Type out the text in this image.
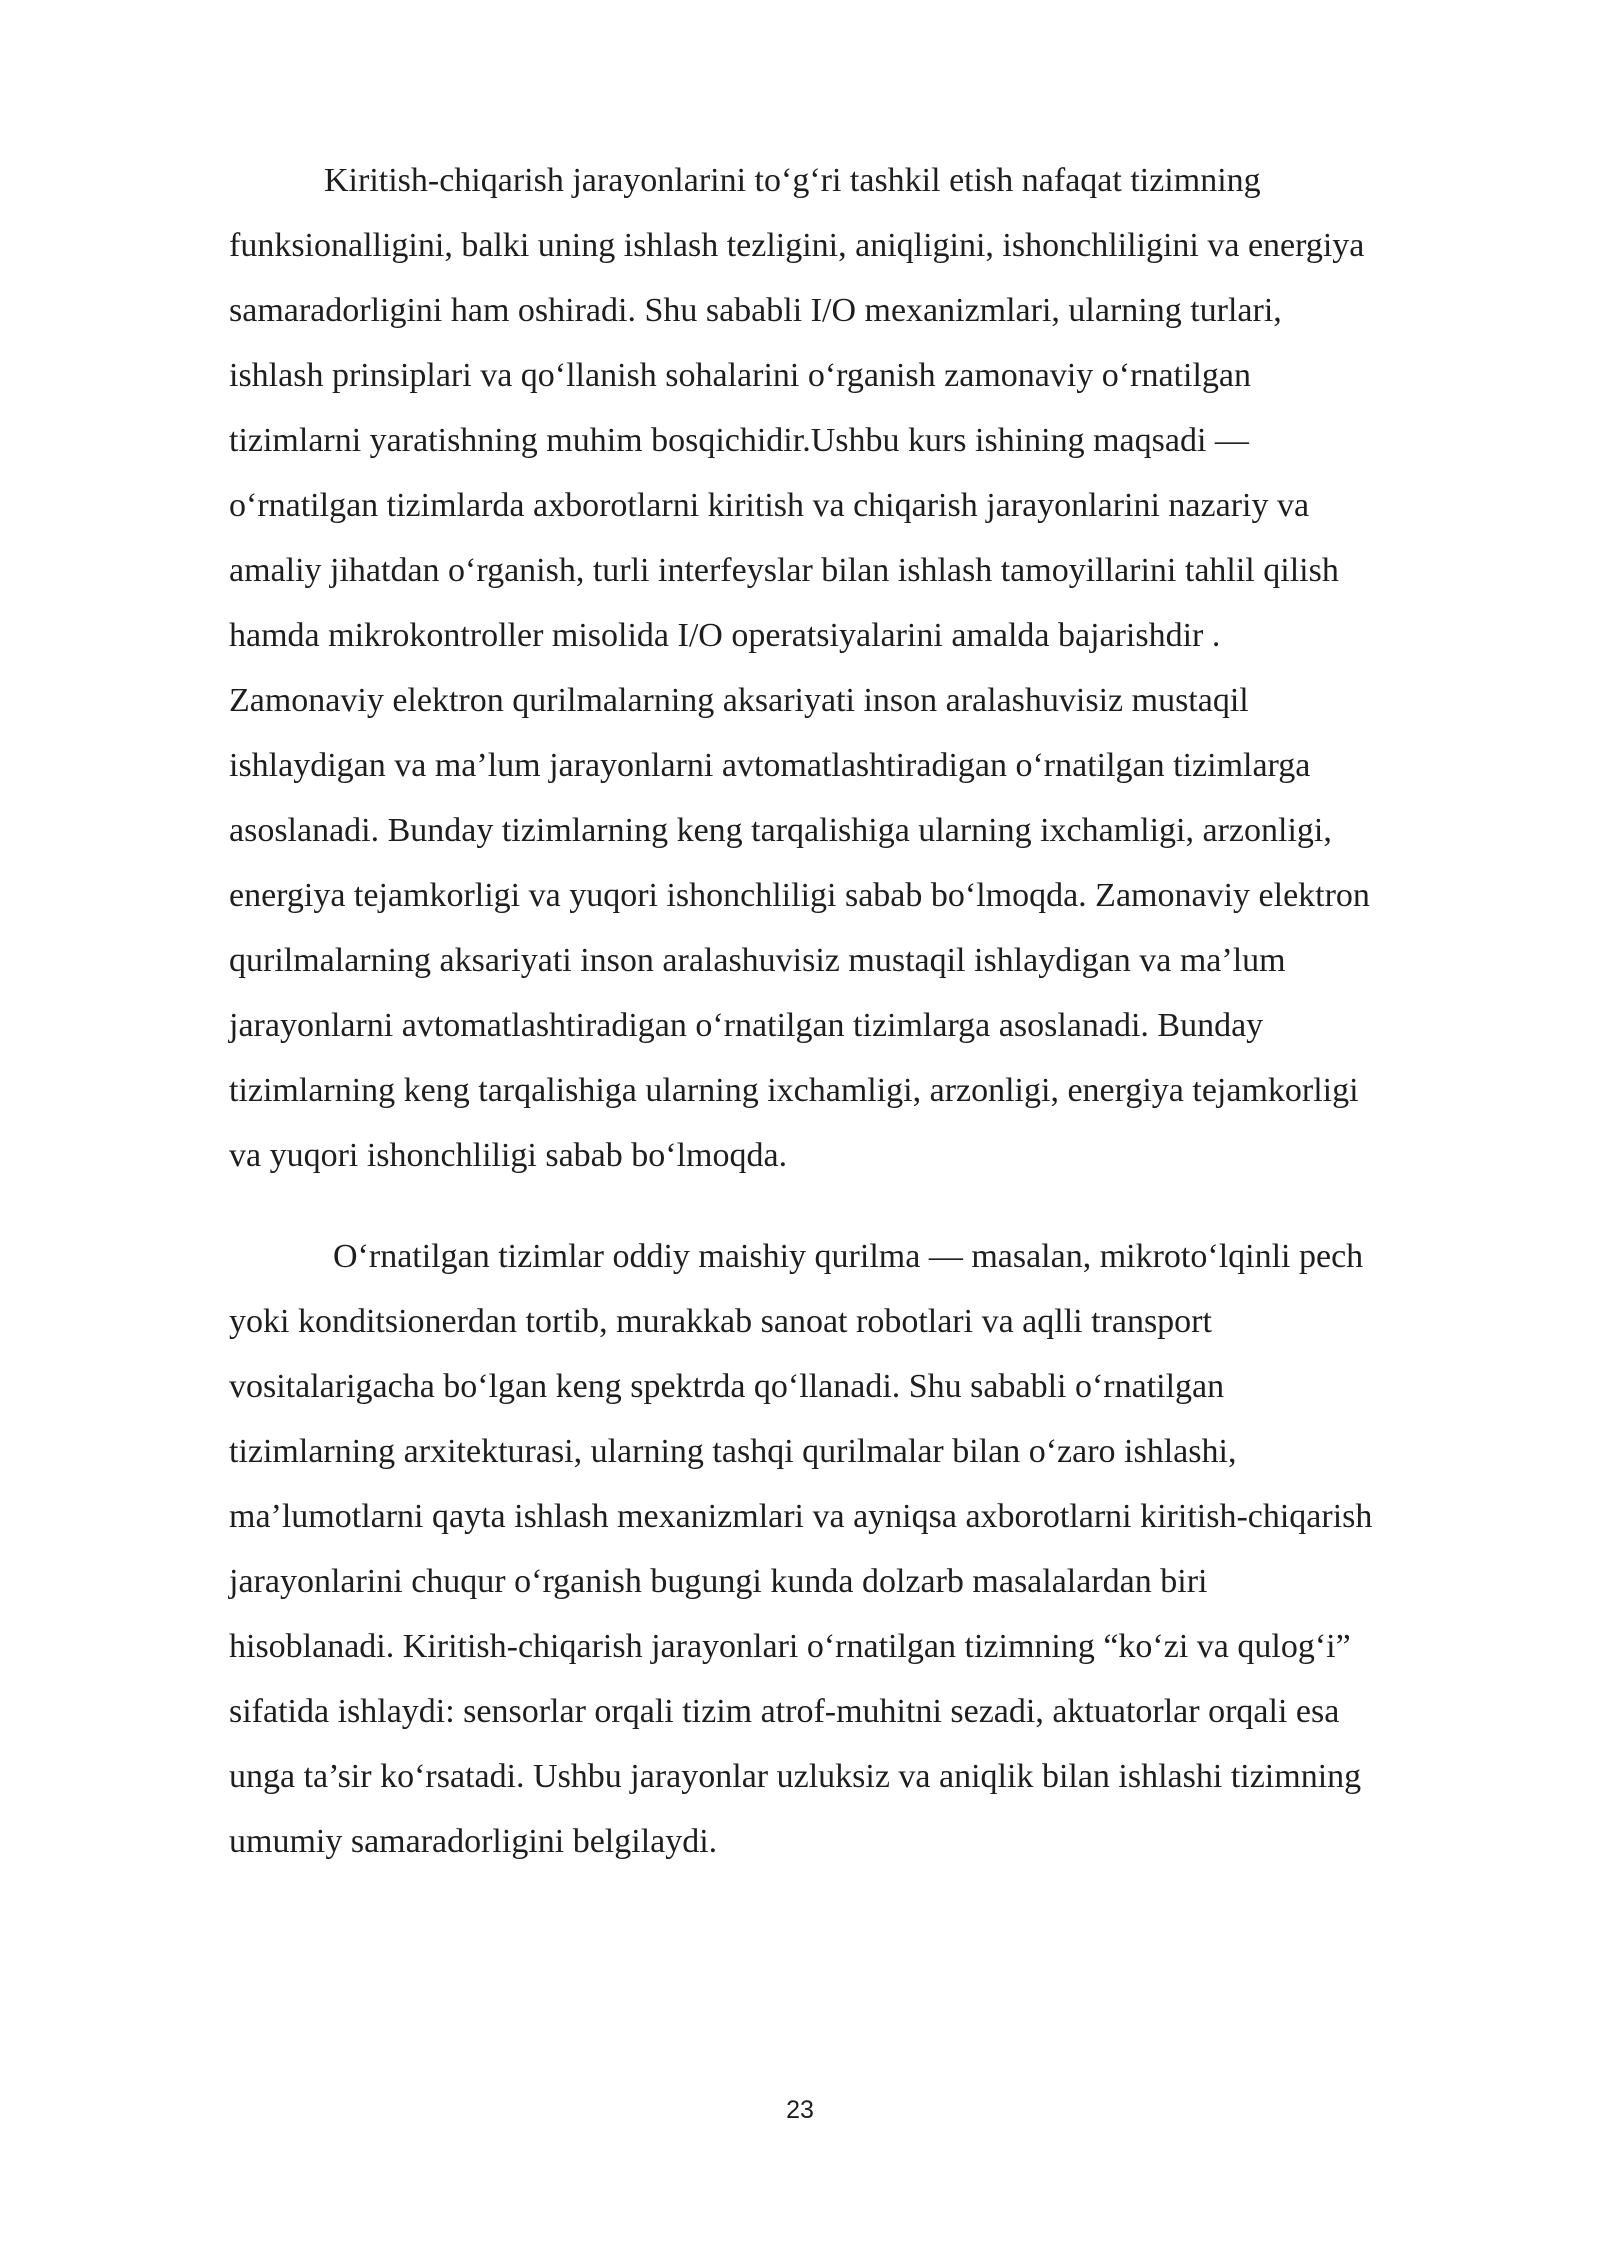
Kiritish-chiqarish jarayonlarini to‘g‘ri tashkil etish nafaqat tizimning
funksionalligini, balki uning ishlash tezligini, aniqligini, ishonchliligini va energiya
samaradorligini ham oshiradi. Shu sababli I/O mexanizmlari, ularning turlari,
ishlash prinsiplari va qo‘llanish sohalarini o‘rganish zamonaviy o‘rnatilgan
tizimlarni yaratishning muhim bosqichidir.Ushbu kurs ishining maqsadi —
o‘rnatilgan tizimlarda axborotlarni kiritish va chiqarish jarayonlarini nazariy va
amaliy jihatdan o‘rganish, turli interfeyslar bilan ishlash tamoyillarini tahlil qilish
hamda mikrokontroller misolida I/O operatsiyalarini amalda bajarishdir .
Zamonaviy elektron qurilmalarning aksariyati inson aralashuvisiz mustaqil
ishlaydigan va ma’lum jarayonlarni avtomatlashtiradigan o‘rnatilgan tizimlarga
asoslanadi. Bunday tizimlarning keng tarqalishiga ularning ixchamligi, arzonligi,
energiya tejamkorligi va yuqori ishonchliligi sabab bo‘lmoqda. Zamonaviy elektron
qurilmalarning aksariyati inson aralashuvisiz mustaqil ishlaydigan va ma’lum
jarayonlarni avtomatlashtiradigan o‘rnatilgan tizimlarga asoslanadi. Bunday
tizimlarning keng tarqalishiga ularning ixchamligi, arzonligi, energiya tejamkorligi
va yuqori ishonchliligi sabab bo‘lmoqda.

O‘rnatilgan tizimlar oddiy maishiy qurilma — masalan, mikroto‘lqinli pech
yoki konditsionerdan tortib, murakkab sanoat robotlari va aqlli transport
vositalarigacha bo‘lgan keng spektrda qo‘llanadi. Shu sababli o‘rnatilgan
tizimlarning arxitekturasi, ularning tashqi qurilmalar bilan o‘zaro ishlashi,
ma’lumotlarni qayta ishlash mexanizmlari va ayniqsa axborotlarni kiritish-chiqarish
jarayonlarini chuqur o‘rganish bugungi kunda dolzarb masalalardan biri
hisoblanadi. Kiritish-chiqarish jarayonlari o‘rnatilgan tizimning “ko‘zi va qulog‘i”
sifatida ishlaydi: sensorlar orqali tizim atrof-muhitni sezadi, aktuatorlar orqali esa
unga ta’sir ko‘rsatadi. Ushbu jarayonlar uzluksiz va aniqlik bilan ishlashi tizimning
umumiy samaradorligini belgilaydi.

23
